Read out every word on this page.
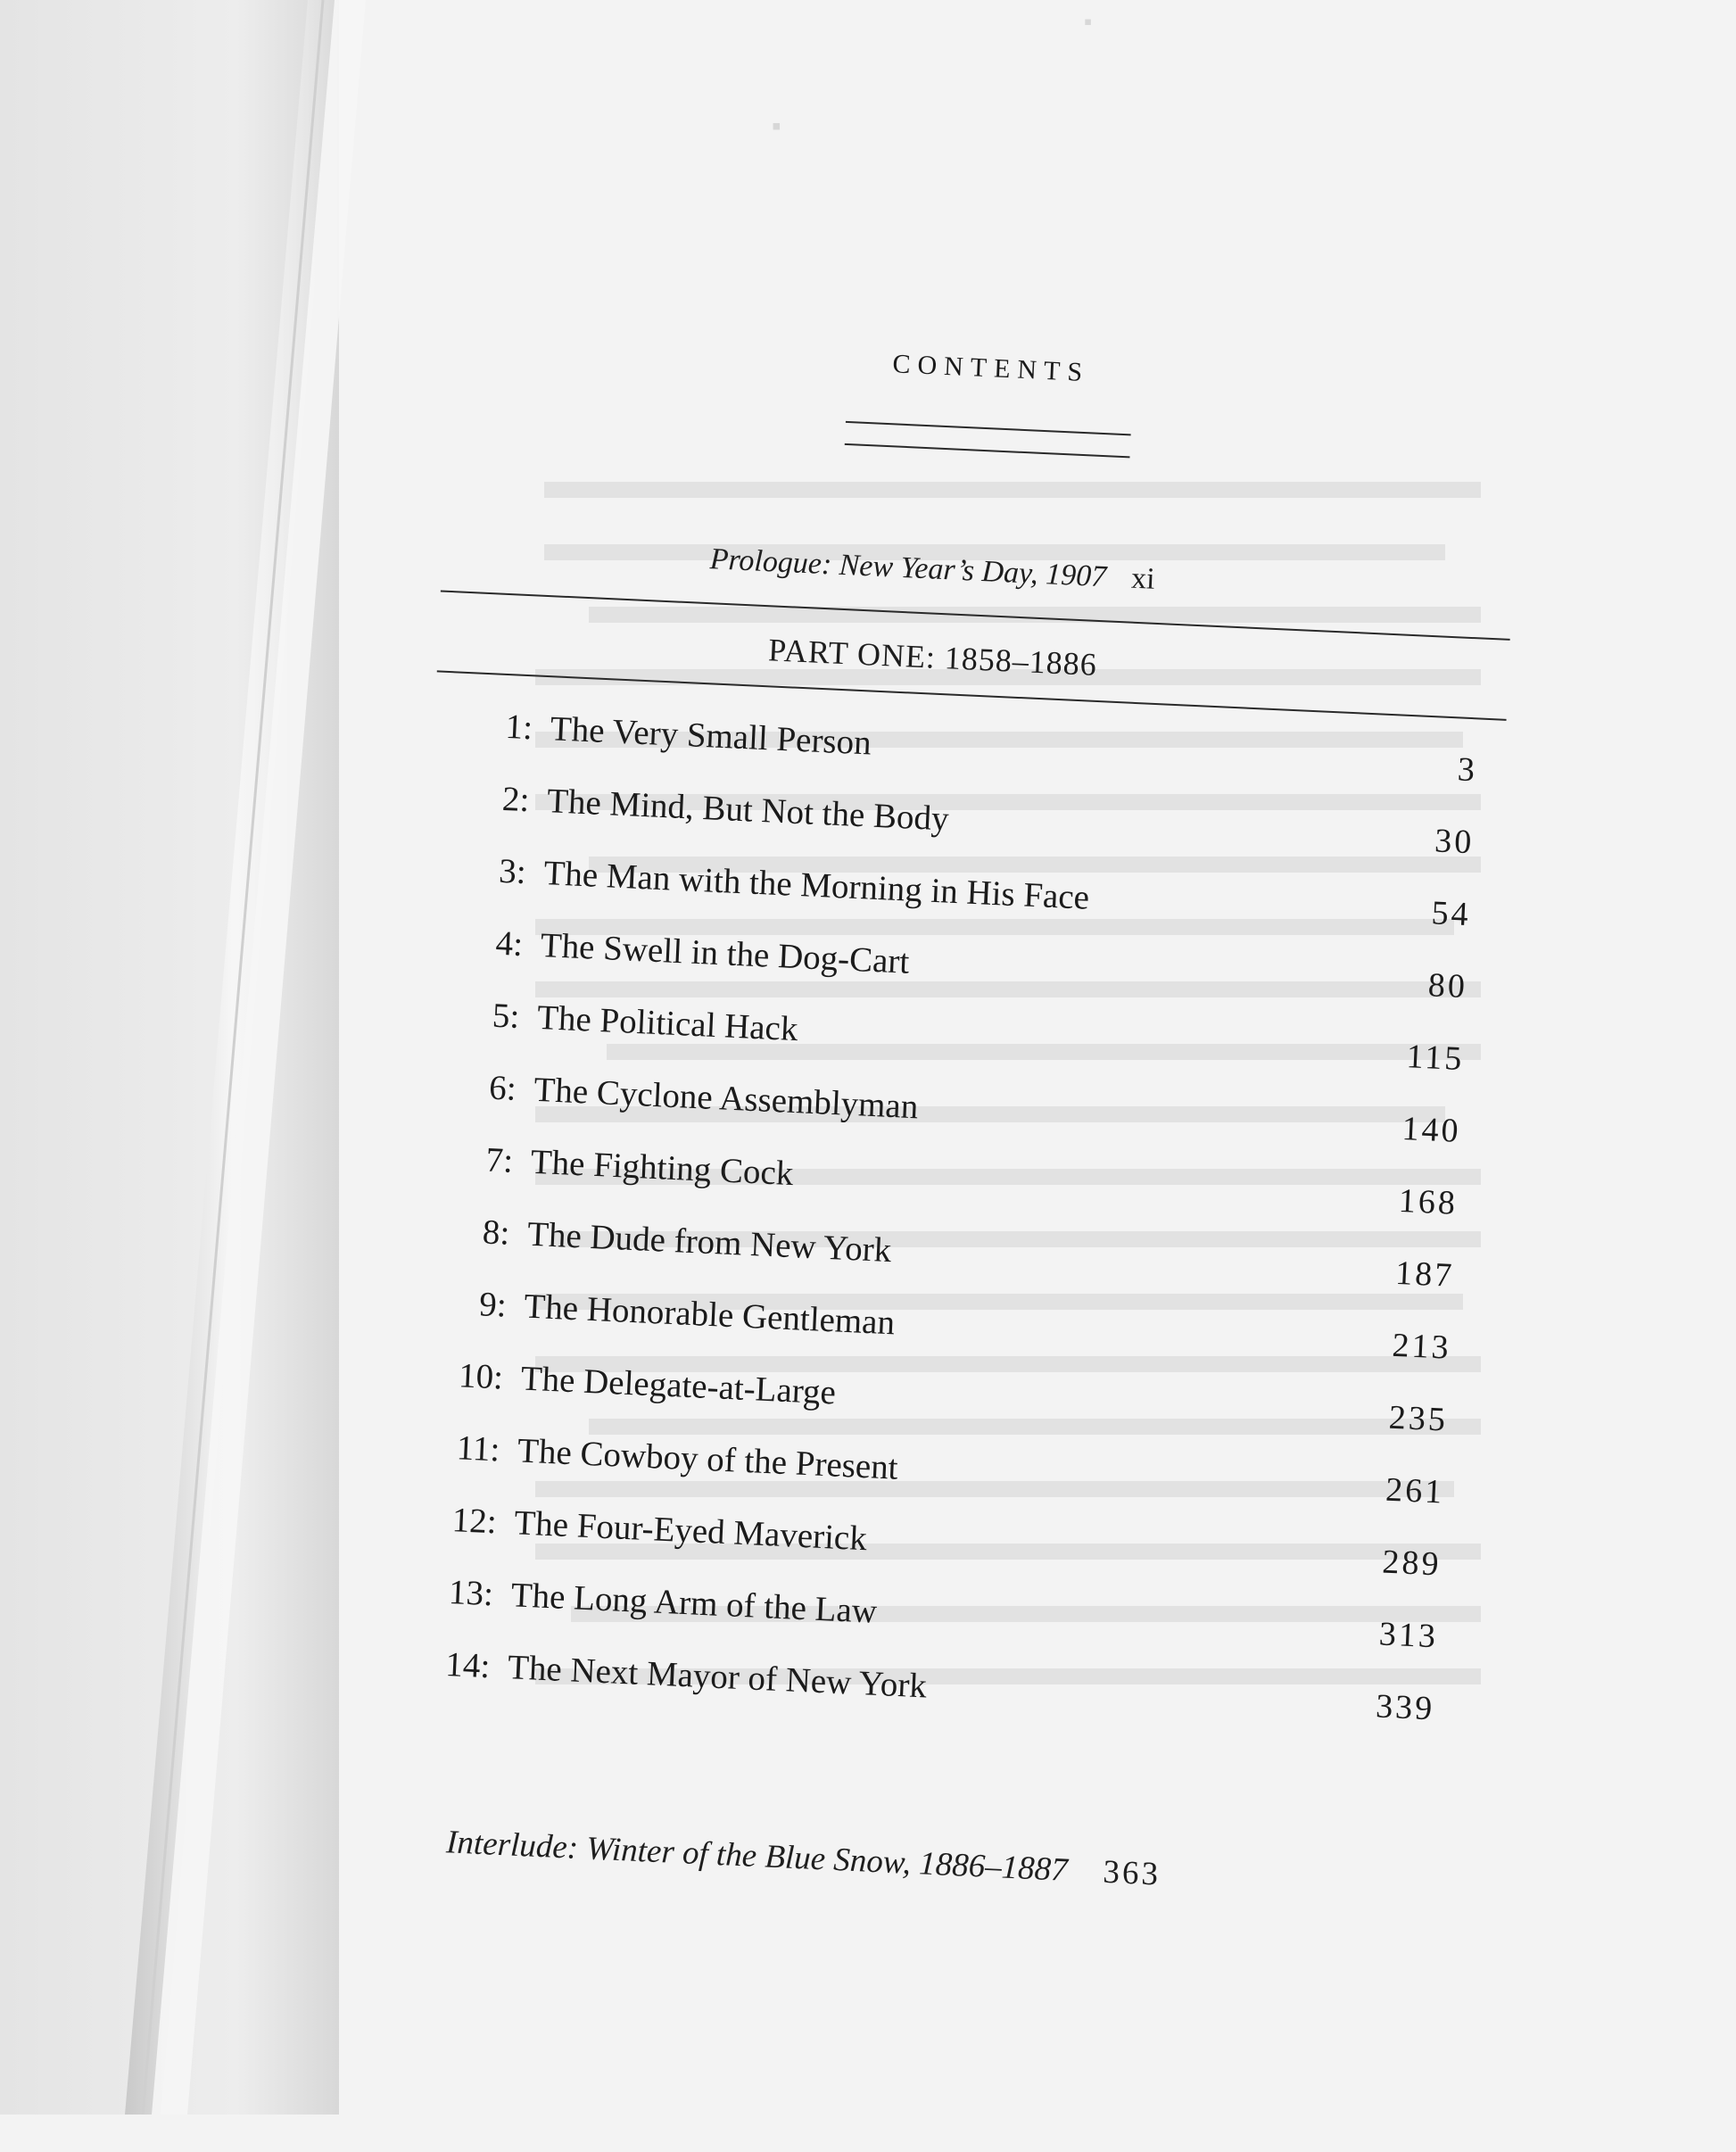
▪
▪
CONTENTS
Prologue: New Year’s Day, 1907 xi
PART ONE: 1858–1886
1: The Very Small Person
3
2: The Mind, But Not the Body
30
3: The Man with the Morning in His Face	54
4: The Swell in the Dog-Cart
80
5: The Political Hack
115
6: The Cyclone Assemblyman
140
7: The Fighting Cock
168
8: The Dude from New York
187
9: The Honorable Gentleman
213
10: The Delegate-at-Large
235
11: The Cowboy of the Present
261
12: The Four-Eyed Maverick
289
13: The Long Arm of the Law
313
14: The Next Mayor of New York
339
Interlude: Winter of the Blue Snow, 1886–1887 363
